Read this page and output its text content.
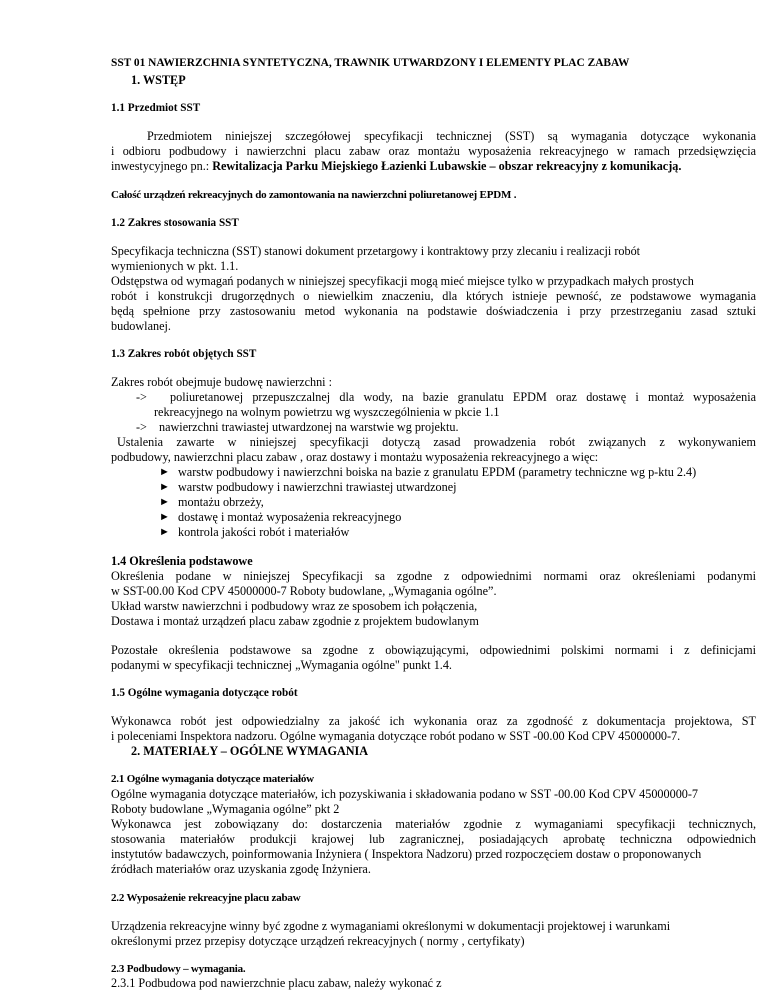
SST 01 NAWIERZCHNIA SYNTETYCZNA, TRAWNIK UTWARDZONY I ELEMENTY PLAC ZABAW
1. WSTĘP
1.1 Przedmiot SST
Przedmiotem niniejszej szczegółowej specyfikacji technicznej (SST) są wymagania dotyczące wykonania
i odbioru podbudowy i nawierzchni placu zabaw oraz montażu wyposażenia rekreacyjnego w ramach przedsięwzięcia
inwestycyjnego pn.: Rewitalizacja Parku Miejskiego Łazienki Lubawskie – obszar rekreacyjny z komunikacją.
Całość urządzeń rekreacyjnych do zamontowania na nawierzchni poliuretanowej EPDM .
1.2 Zakres stosowania SST
Specyfikacja techniczna (SST) stanowi dokument przetargowy i kontraktowy przy zlecaniu i realizacji robót
wymienionych w pkt. 1.1.
Odstępstwa od wymagań podanych w niniejszej specyfikacji mogą mieć miejsce tylko w przypadkach małych prostych
robót i konstrukcji drugorzędnych o niewielkim znaczeniu, dla których istnieje pewność, ze podstawowe wymagania
będą spełnione przy zastosowaniu metod wykonania na podstawie doświadczenia i przy przestrzeganiu zasad sztuki
budowlanej.
1.3 Zakres robót objętych SST
Zakres robót obejmuje budowę nawierzchni :
-> poliuretanowej przepuszczalnej dla wody, na bazie granulatu EPDM oraz dostawę i montaż wyposażenia
rekreacyjnego na wolnym powietrzu wg wyszczególnienia w pkcie 1.1
-> nawierzchni trawiastej utwardzonej na warstwie wg projektu.
Ustalenia zawarte w niniejszej specyfikacji dotyczą zasad prowadzenia robót związanych z wykonywaniem
podbudowy, nawierzchni placu zabaw , oraz dostawy i montażu wyposażenia rekreacyjnego a więc:
► warstw podbudowy i nawierzchni boiska na bazie z granulatu EPDM (parametry techniczne wg p-ktu 2.4)
► warstw podbudowy i nawierzchni trawiastej utwardzonej
► montażu obrzeży,
► dostawę i montaż wyposażenia rekreacyjnego
► kontrola jakości robót i materiałów
1.4 Określenia podstawowe
Określenia podane w niniejszej Specyfikacji sa zgodne z odpowiednimi normami oraz określeniami podanymi
w SST-00.00 Kod CPV 45000000-7 Roboty budowlane, „Wymagania ogólne”.
Układ warstw nawierzchni i podbudowy wraz ze sposobem ich połączenia,
Dostawa i montaż urządzeń placu zabaw zgodnie z projektem budowlanym
Pozostałe określenia podstawowe sa zgodne z obowiązującymi, odpowiednimi polskimi normami i z definicjami
podanymi w specyfikacji technicznej „Wymagania ogólne" punkt 1.4.
1.5 Ogólne wymagania dotyczące robót
Wykonawca robót jest odpowiedzialny za jakość ich wykonania oraz za zgodność z dokumentacja projektowa, ST
i poleceniami Inspektora nadzoru. Ogólne wymagania dotyczące robót podano w SST -00.00 Kod CPV 45000000-7.
2. MATERIAŁY – OGÓLNE WYMAGANIA
2.1 Ogólne wymagania dotyczące materiałów
Ogólne wymagania dotyczące materiałów, ich pozyskiwania i składowania podano w SST -00.00 Kod CPV 45000000-7
Roboty budowlane „Wymagania ogólne” pkt 2
Wykonawca jest zobowiązany do: dostarczenia materiałów zgodnie z wymaganiami specyfikacji technicznych,
stosowania materiałów produkcji krajowej lub zagranicznej, posiadających aprobatę techniczna odpowiednich
instytutów badawczych, poinformowania Inżyniera ( Inspektora Nadzoru) przed rozpoczęciem dostaw o proponowanych
źródłach materiałów oraz uzyskania zgodę Inżyniera.
2.2 Wyposażenie rekreacyjne placu zabaw
Urządzenia rekreacyjne winny być zgodne z wymaganiami określonymi w dokumentacji projektowej i warunkami
określonymi przez przepisy dotyczące urządzeń rekreacyjnych ( normy , certyfikaty)
2.3 Podbudowy – wymagania.
2.3.1 Podbudowa pod nawierzchnie placu zabaw, należy wykonać z
